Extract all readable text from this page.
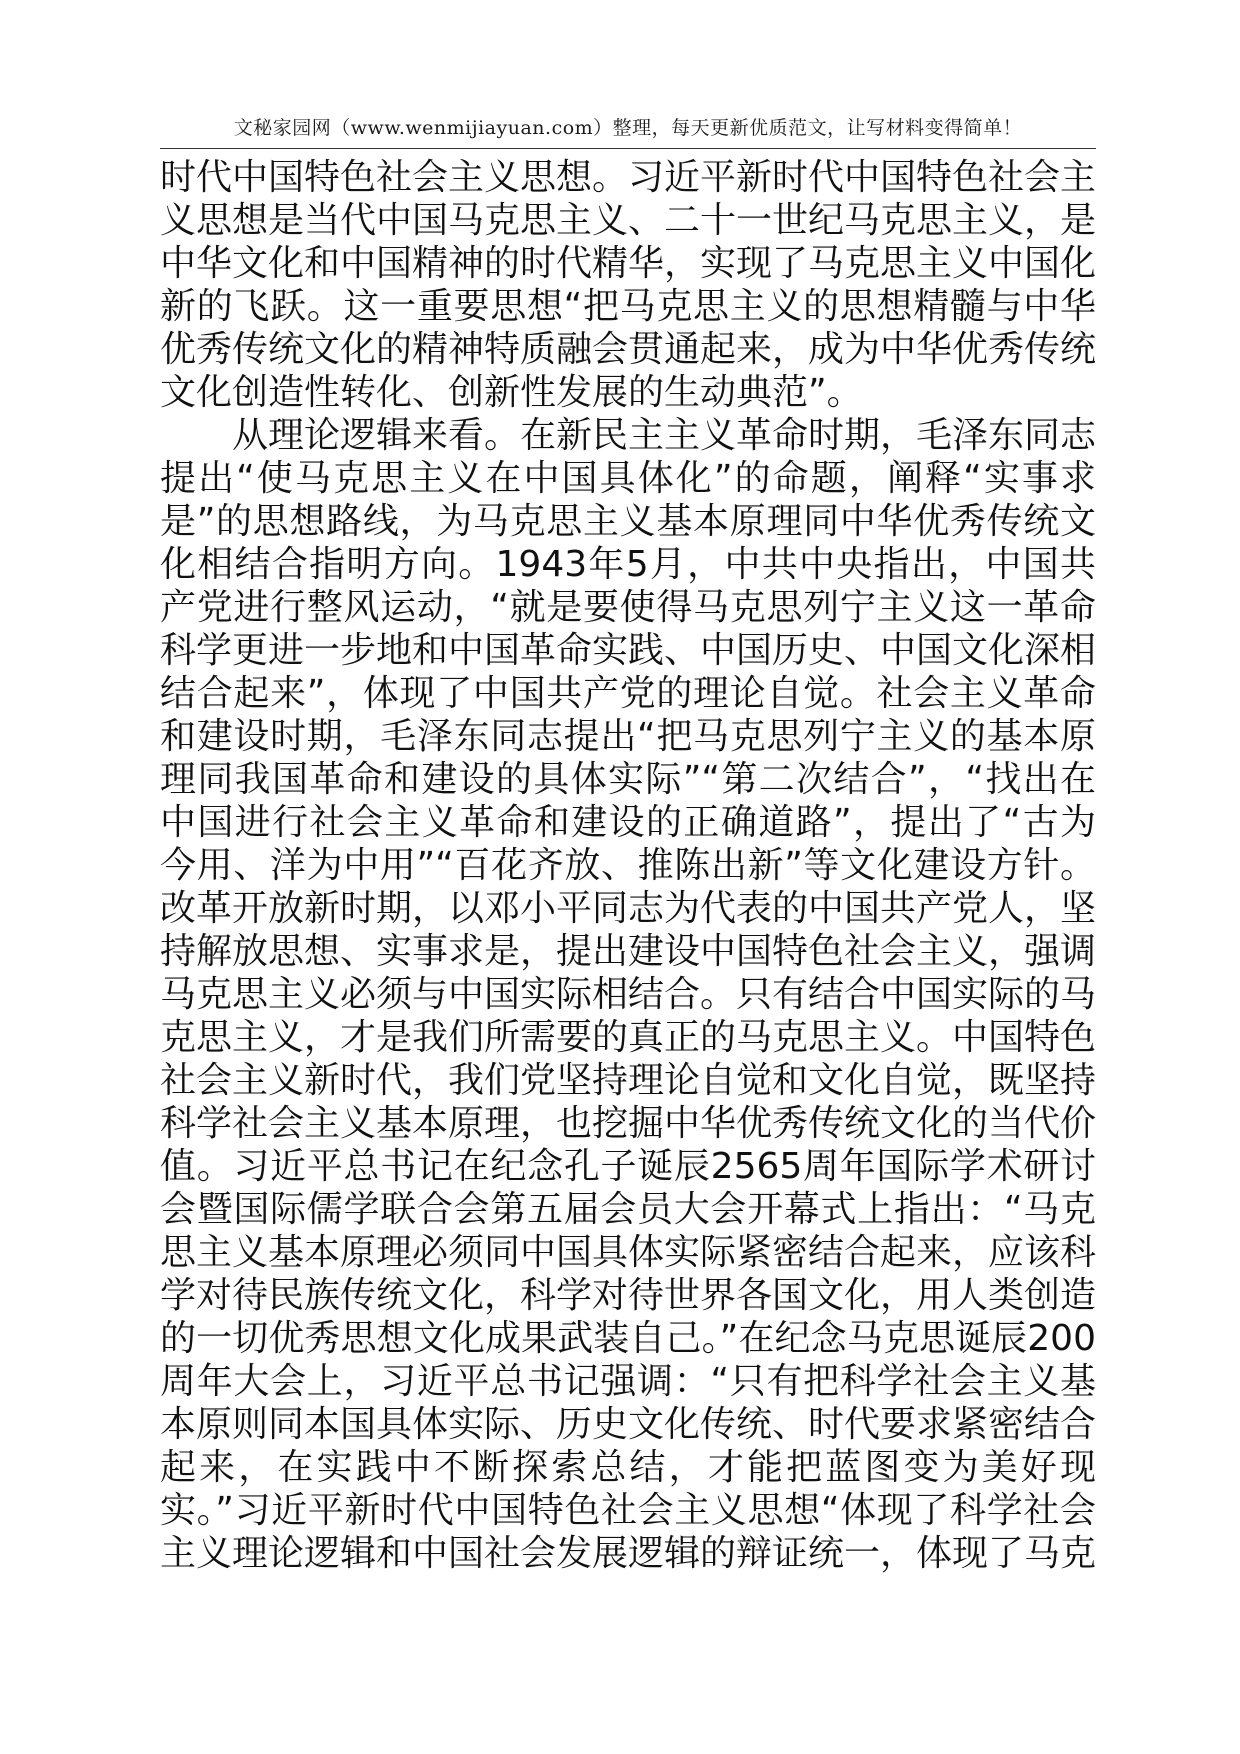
文秘家园网（www.wenmijiayuan.com）整理，每天更新优质范文，让写材料变得简单！

时代中国特色社会主义思想。习近平新时代中国特色社会主义思想是当代中国马克思主义、二十一世纪马克思主义，是中华文化和中国精神的时代精华，实现了马克思主义中国化新的飞跃。这一重要思想“把马克思主义的思想精髓与中华优秀传统文化的精神特质融会贯通起来，成为中华优秀传统文化创造性转化、创新性发展的生动典范”。

从理论逻辑来看。在新民主主义革命时期，毛泽东同志提出“使马克思主义在中国具体化”的命题，阐释“实事求是”的思想路线，为马克思主义基本原理同中华优秀传统文化相结合指明方向。1943年5月，中共中央指出，中国共产党进行整风运动，“就是要使得马克思列宁主义这一革命科学更进一步地和中国革命实践、中国历史、中国文化深相结合起来”，体现了中国共产党的理论自觉。社会主义革命和建设时期，毛泽东同志提出“把马克思列宁主义的基本原理同我国革命和建设的具体实际”“第二次结合”，“找出在中国进行社会主义革命和建设的正确道路”，提出了“古为今用、洋为中用”“百花齐放、推陈出新”等文化建设方针。改革开放新时期，以邓小平同志为代表的中国共产党人，坚持解放思想、实事求是，提出建设中国特色社会主义，强调马克思主义必须与中国实际相结合。只有结合中国实际的马克思主义，才是我们所需要的真正的马克思主义。中国特色社会主义新时代，我们党坚持理论自觉和文化自觉，既坚持科学社会主义基本原理，也挖掘中华优秀传统文化的当代价值。习近平总书记在纪念孔子诞辰2565周年国际学术研讨会暨国际儒学联合会第五届会员大会开幕式上指出：“马克思主义基本原理必须同中国具体实际紧密结合起来，应该科学对待民族传统文化，科学对待世界各国文化，用人类创造的一切优秀思想文化成果武装自己。”在纪念马克思诞辰200周年大会上，习近平总书记强调：“只有把科学社会主义基本原则同本国具体实际、历史文化传统、时代要求紧密结合起来，在实践中不断探索总结，才能把蓝图变为美好现实。”习近平新时代中国特色社会主义思想“体现了科学社会主义理论逻辑和中国社会发展逻辑的辩证统一，体现了马克
